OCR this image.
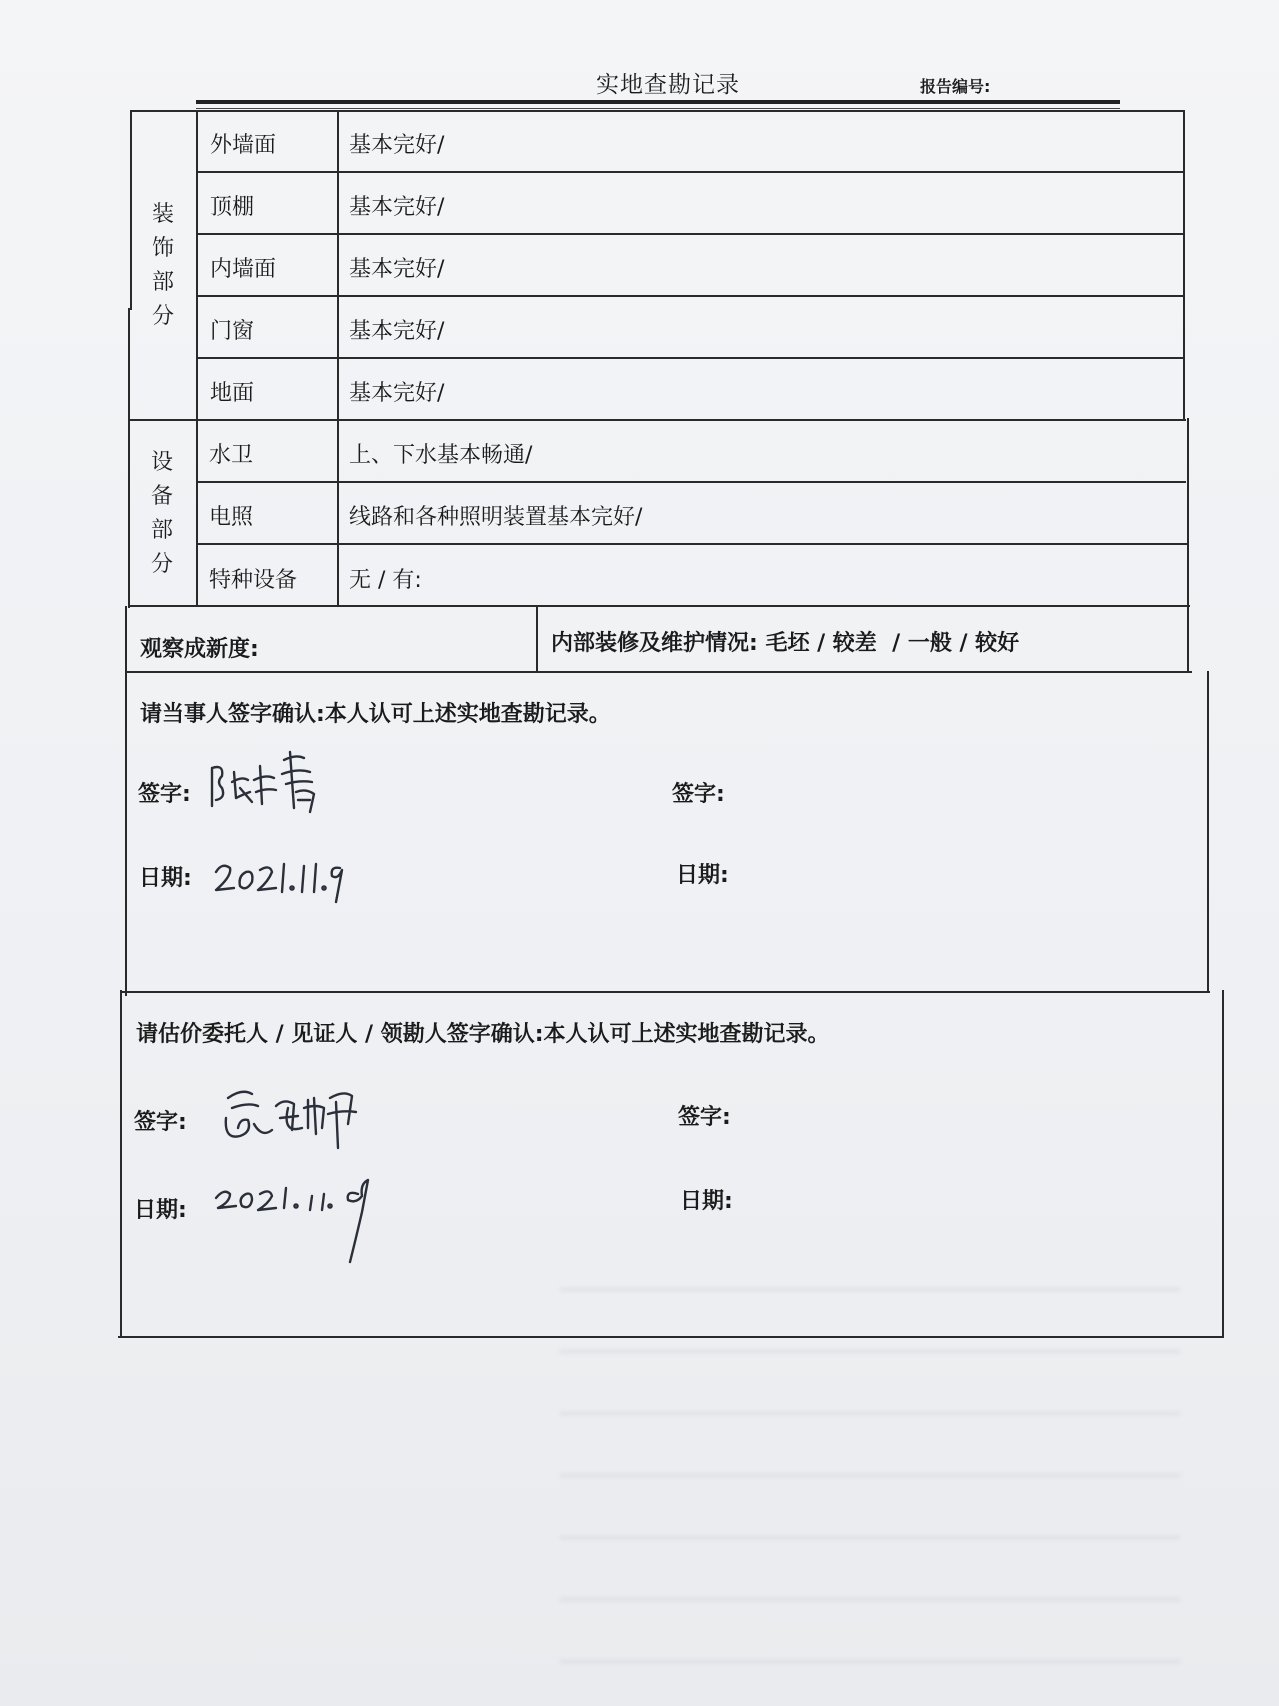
实地查勘记录	报告编号:
装
饰
部
分
外墙面	基本完好/
顶棚	基本完好/
内墙面	基本完好/
门窗	基本完好/
地面	基本完好/
设
备
部
分
水卫	上、下水基本畅通/
电照	线路和各种照明装置基本完好/
特种设备 无 / 有:
观察成新度:	内部装修及维护情况: 毛坯 / 较差  / 一般 / 较好
请当事人签字确认:本人认可上述实地查勘记录。
签字:	签字:
日期:	日期:
请估价委托人 / 见证人 / 领勘人签字确认:本人认可上述实地查勘记录。
签字:	签字:
日期:	日期:
